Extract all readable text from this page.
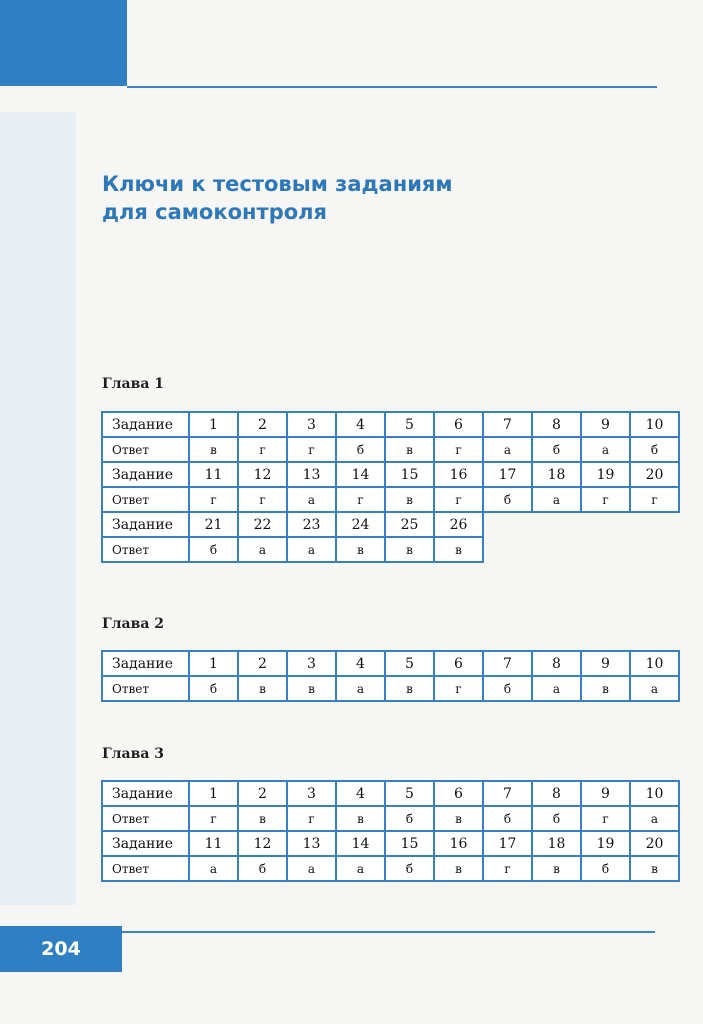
Ключи к тестовым заданиям
для самоконтроля
Глава 1
Задание	1	2	3	4	5	6	7	8	9	10
Ответ	в	г	г	б	в	г	а	б	а	б
Задание	11	12	13	14	15	16	17	18	19	20
Ответ	г	г	а	г	в	г	б	а	г	г
Задание	21	22	23	24	25	26				
Ответ	б	а	а	в	в	в				
Глава 2
Задание	1	2	3	4	5	6	7	8	9	10
Ответ	б	в	в	а	в	г	б	а	в	а
Глава 3
Задание	1	2	3	4	5	6	7	8	9	10
Ответ	г	в	г	в	б	в	б	б	г	а
Задание	11	12	13	14	15	16	17	18	19	20
Ответ	а	б	а	а	б	в	г	в	б	в
204
